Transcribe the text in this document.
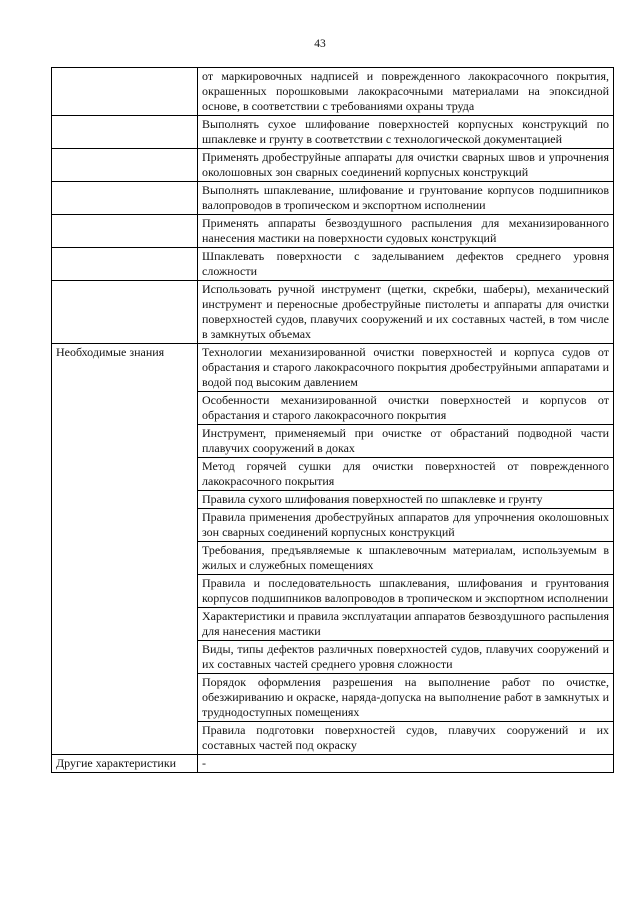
43
	от маркировочных надписей и поврежденного лакокрасочного покрытия, окрашенных порошковыми лакокрасочными материалами на эпоксидной основе, в соответствии с требованиями охраны труда
	Выполнять сухое шлифование поверхностей корпусных конструкций по шпаклевке и грунту в соответствии с технологической документацией
	Применять дробеструйные аппараты для очистки сварных швов и упрочнения околошовных зон сварных соединений корпусных конструкций
	Выполнять шпаклевание, шлифование и грунтование корпусов подшипников валопроводов в тропическом и экспортном исполнении
	Применять аппараты безвоздушного распыления для механизированного нанесения мастики на поверхности судовых конструкций
	Шпаклевать поверхности с заделыванием дефектов среднего уровня сложности
	Использовать ручной инструмент (щетки, скребки, шаберы), механический инструмент и переносные дробеструйные пистолеты и аппараты для очистки поверхностей судов, плавучих сооружений и их составных частей, в том числе в замкнутых объемах
Необходимые знания	Технологии механизированной очистки поверхностей и корпуса судов от обрастания и старого лакокрасочного покрытия дробеструйными аппаратами и водой под высоким давлением
	Особенности механизированной очистки поверхностей и корпусов от обрастания и старого лакокрасочного покрытия
	Инструмент, применяемый при очистке от обрастаний подводной части плавучих сооружений в доках
	Метод горячей сушки для очистки поверхностей от поврежденного лакокрасочного покрытия
	Правила сухого шлифования поверхностей по шпаклевке и грунту
	Правила применения дробеструйных аппаратов для упрочнения околошовных зон сварных соединений корпусных конструкций
	Требования, предъявляемые к шпаклевочным материалам, используемым в жилых и служебных помещениях
	Правила и последовательность шпаклевания, шлифования и грунтования корпусов подшипников валопроводов в тропическом и экспортном исполнении
	Характеристики и правила эксплуатации аппаратов безвоздушного распыления для нанесения мастики
	Виды, типы дефектов различных поверхностей судов, плавучих сооружений и их составных частей среднего уровня сложности
	Порядок оформления разрешения на выполнение работ по очистке, обезжириванию и окраске, наряда-допуска на выполнение работ в замкнутых и труднодоступных помещениях
	Правила подготовки поверхностей судов, плавучих сооружений и их составных частей под окраску
Другие характеристики	-
